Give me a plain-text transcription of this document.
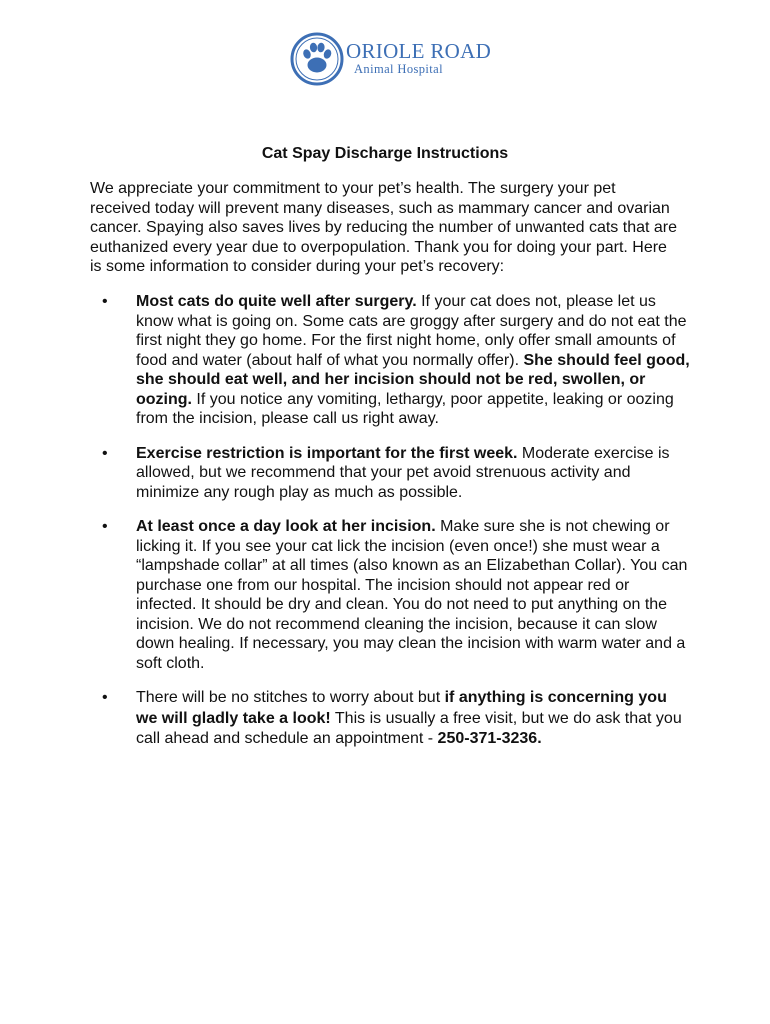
ORIOLE ROAD
Animal Hospital
Cat Spay Discharge Instructions

We appreciate your commitment to your pet’s health. The surgery your pet received today will prevent many diseases, such as mammary cancer and ovarian cancer. Spaying also saves lives by reducing the number of unwanted cats that are euthanized every year due to overpopulation. Thank you for doing your part. Here is some information to consider during your pet’s recovery:

• Most cats do quite well after surgery. If your cat does not, please let us know what is going on. Some cats are groggy after surgery and do not eat the first night they go home. For the first night home, only offer small amounts of food and water (about half of what you normally offer). She should feel good, she should eat well, and her incision should not be red, swollen, or oozing. If you notice any vomiting, lethargy, poor appetite, leaking or oozing from the incision, please call us right away.
• Exercise restriction is important for the first week. Moderate exercise is allowed, but we recommend that your pet avoid strenuous activity and minimize any rough play as much as possible.
• At least once a day look at her incision. Make sure she is not chewing or licking it. If you see your cat lick the incision (even once!) she must wear a “lampshade collar” at all times (also known as an Elizabethan Collar). You can purchase one from our hospital. The incision should not appear red or infected. It should be dry and clean. You do not need to put anything on the incision. We do not recommend cleaning the incision, because it can slow down healing. If necessary, you may clean the incision with warm water and a soft cloth.
• There will be no stitches to worry about but if anything is concerning you we will gladly take a look! This is usually a free visit, but we do ask that you call ahead and schedule an appointment - 250-371-3236.
